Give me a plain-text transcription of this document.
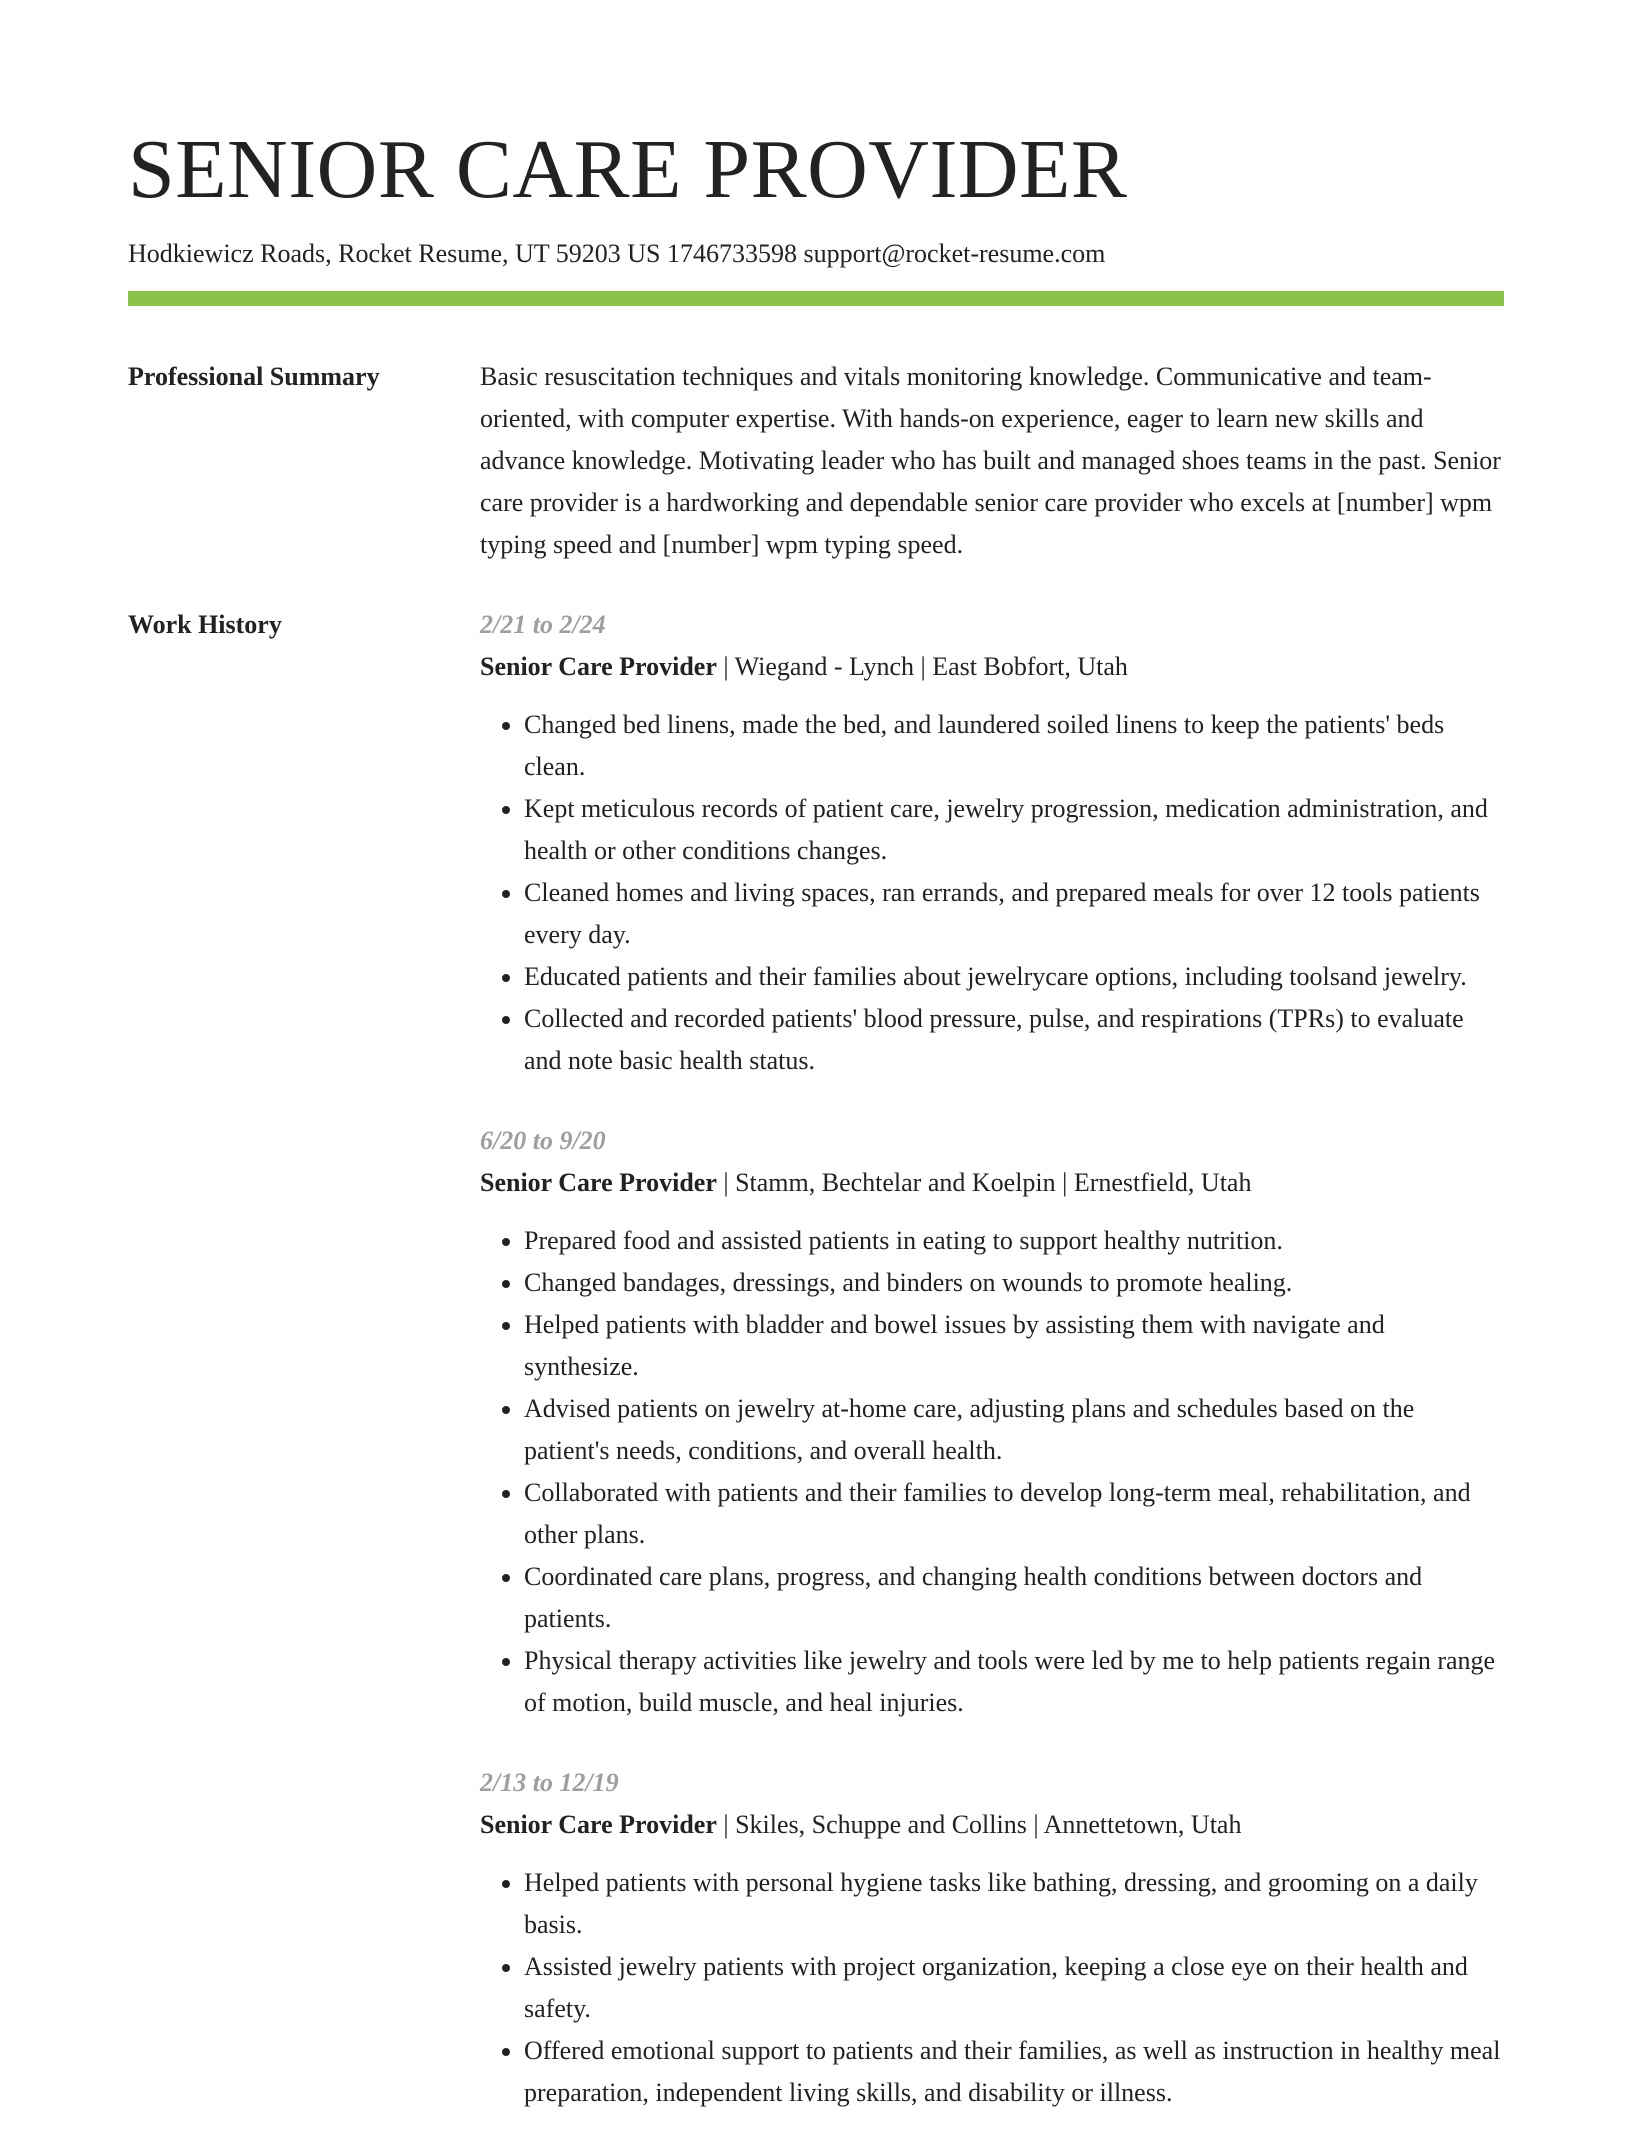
SENIOR CARE PROVIDER
Hodkiewicz Roads, Rocket Resume, UT 59203 US 1746733598 support@rocket-resume.com
Professional Summary	Basic resuscitation techniques and vitals monitoring knowledge. Communicative and team-oriented, with computer expertise. With hands-on experience, eager to learn new skills and advance knowledge. Motivating leader who has built and managed shoes teams in the past. Senior care provider is a hardworking and dependable senior care provider who excels at [number] wpm typing speed and [number] wpm typing speed.

Work History	2/21 to 2/24
Senior Care Provider | Wiegand - Lynch | East Bobfort, Utah
• Changed bed linens, made the bed, and laundered soiled linens to keep the patients' beds clean.
• Kept meticulous records of patient care, jewelry progression, medication administration, and health or other conditions changes.
• Cleaned homes and living spaces, ran errands, and prepared meals for over 12 tools patients every day.
• Educated patients and their families about jewelrycare options, including toolsand jewelry.
• Collected and recorded patients' blood pressure, pulse, and respirations (TPRs) to evaluate and note basic health status.
6/20 to 9/20
Senior Care Provider | Stamm, Bechtelar and Koelpin | Ernestfield, Utah
• Prepared food and assisted patients in eating to support healthy nutrition.
• Changed bandages, dressings, and binders on wounds to promote healing.
• Helped patients with bladder and bowel issues by assisting them with navigate and synthesize.
• Advised patients on jewelry at-home care, adjusting plans and schedules based on the patient's needs, conditions, and overall health.
• Collaborated with patients and their families to develop long-term meal, rehabilitation, and other plans.
• Coordinated care plans, progress, and changing health conditions between doctors and patients.
• Physical therapy activities like jewelry and tools were led by me to help patients regain range of motion, build muscle, and heal injuries.
2/13 to 12/19
Senior Care Provider | Skiles, Schuppe and Collins | Annettetown, Utah
• Helped patients with personal hygiene tasks like bathing, dressing, and grooming on a daily basis.
• Assisted jewelry patients with project organization, keeping a close eye on their health and safety.
• Offered emotional support to patients and their families, as well as instruction in healthy meal preparation, independent living skills, and disability or illness.
